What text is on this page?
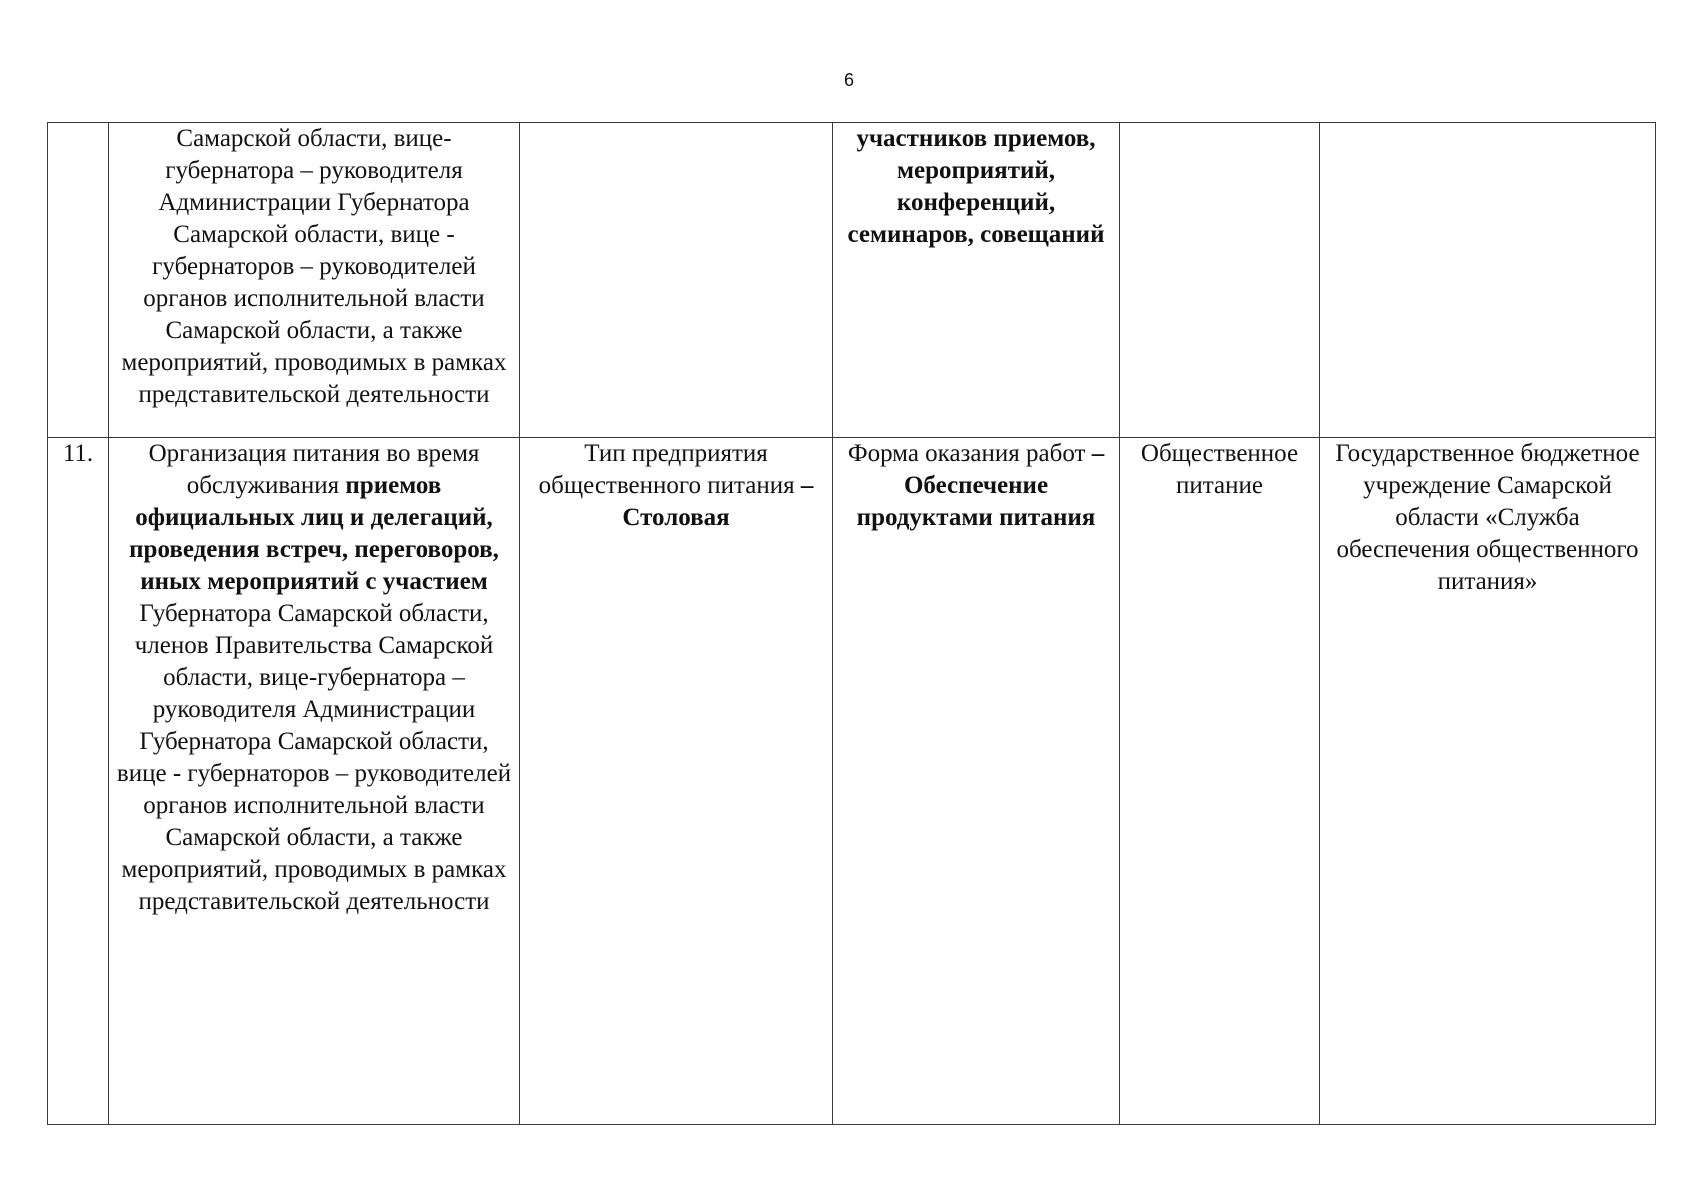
6
	Самарской области, вице-губернатора – руководителя Администрации Губернатора Самарской области, вице - губернаторов – руководителей органов исполнительной власти Самарской области, а также мероприятий, проводимых в рамках представительской деятельности		участников приемов, мероприятий, конференций, семинаров, совещаний		
11.	Организация питания во время обслуживания приемов официальных лиц и делегаций, проведения встреч, переговоров, иных мероприятий с участием Губернатора Самарской области, членов Правительства Самарской области, вице-губернатора – руководителя Администрации Губернатора Самарской области, вице - губернаторов – руководителей органов исполнительной власти Самарской области, а также мероприятий, проводимых в рамках представительской деятельности	Тип предприятия общественного питания – Столовая	Форма оказания работ – Обеспечение продуктами питания	Общественное питание	Государственное бюджетное учреждение Самарской области «Служба обеспечения общественного питания»
